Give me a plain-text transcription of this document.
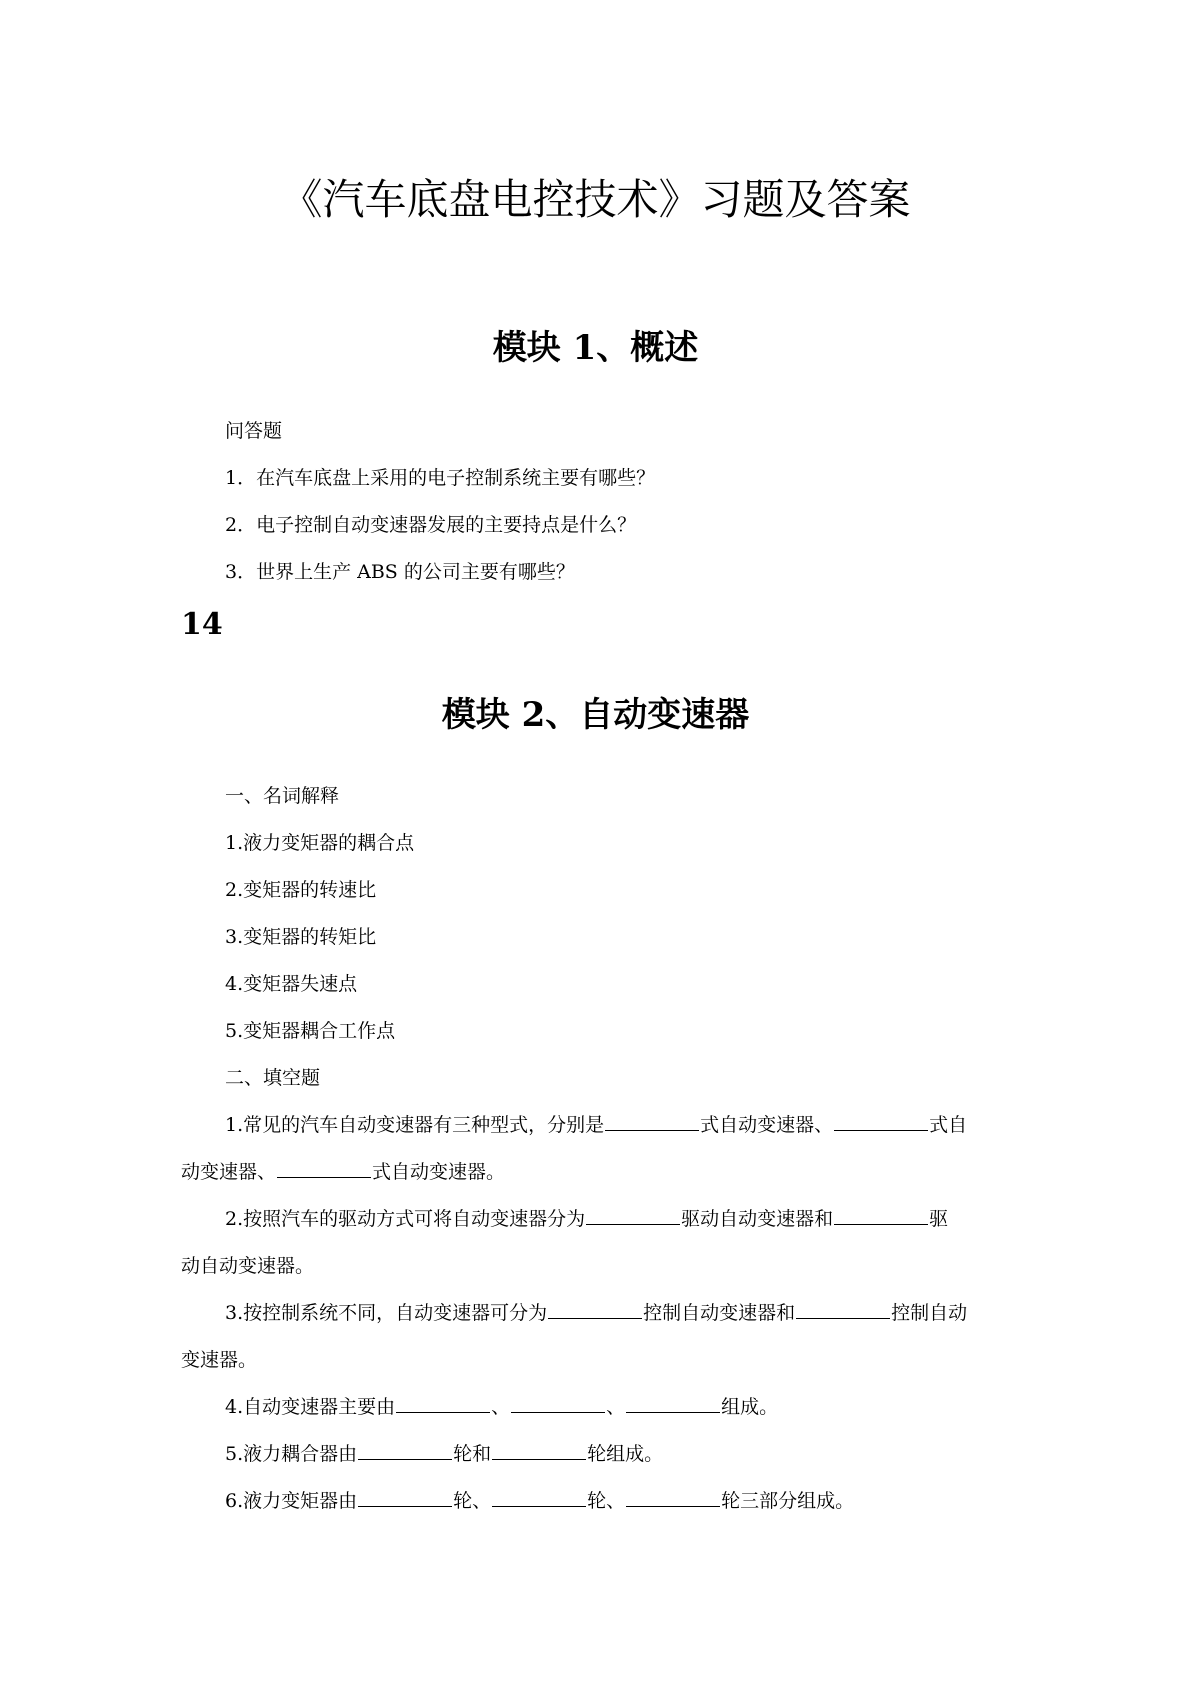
《汽车底盘电控技术》习题及答案
模块 1、概述

问答题

1．在汽车底盘上采用的电子控制系统主要有哪些？

2．电子控制自动变速器发展的主要持点是什么？

3．世界上生产 ABS 的公司主要有哪些？

14
模块 2、自动变速器

一、名词解释

1.液力变矩器的耦合点

2.变矩器的转速比

3.变矩器的转矩比

4.变矩器失速点

5.变矩器耦合工作点

二、填空题

1.常见的汽车自动变速器有三种型式，分别是	式自动变速器、	式自

动变速器、	式自动变速器。

2.按照汽车的驱动方式可将自动变速器分为	驱动自动变速器和	驱

动自动变速器。

3.按控制系统不同，自动变速器可分为	控制自动变速器和	控制自动

变速器。

4.自动变速器主要由	、	、	组成。

5.液力耦合器由	轮和	轮组成。

6.液力变矩器由	轮、	轮、	轮三部分组成。
